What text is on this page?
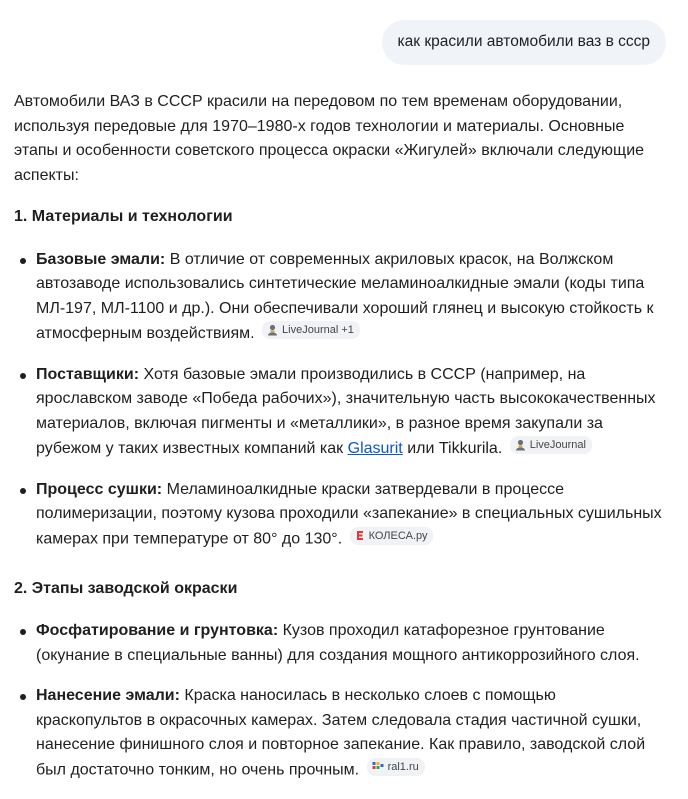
как красили автомобили ваз в ссср

Автомобили ВАЗ в СССР красили на передовом по тем временам оборудовании, используя передовые для 1970–1980-х годов технологии и материалы. Основные этапы и особенности советского процесса окраски «Жигулей» включали следующие аспекты:

1. Материалы и технологии

Базовые эмали: В отличие от современных акриловых красок, на Волжском автозаводе использовались синтетические меламиноалкидные эмали (коды типа МЛ-197, МЛ-1100 и др.). Они обеспечивали хороший глянец и высокую стойкость к атмосферным воздействиям. LiveJournal +1
Поставщики: Хотя базовые эмали производились в СССР (например, на ярославском заводе «Победа рабочих»), значительную часть высококачественных материалов, включая пигменты и «металлики», в разное время закупали за рубежом у таких известных компаний как Glasurit или Tikkurila. LiveJournal
Процесс сушки: Меламиноалкидные краски затвердевали в процессе полимеризации, поэтому кузова проходили «запекание» в специальных сушильных камерах при температуре от 80° до 130°. КОЛЕСА.ру

2. Этапы заводской окраски

Фосфатирование и грунтовка: Кузов проходил катафорезное грунтование (окунание в специальные ванны) для создания мощного антикоррозийного слоя.
Нанесение эмали: Краска наносилась в несколько слоев с помощью краскопультов в окрасочных камерах. Затем следовала стадия частичной сушки, нанесение финишного слоя и повторное запекание. Как правило, заводской слой был достаточно тонким, но очень прочным.	ral1.ru
